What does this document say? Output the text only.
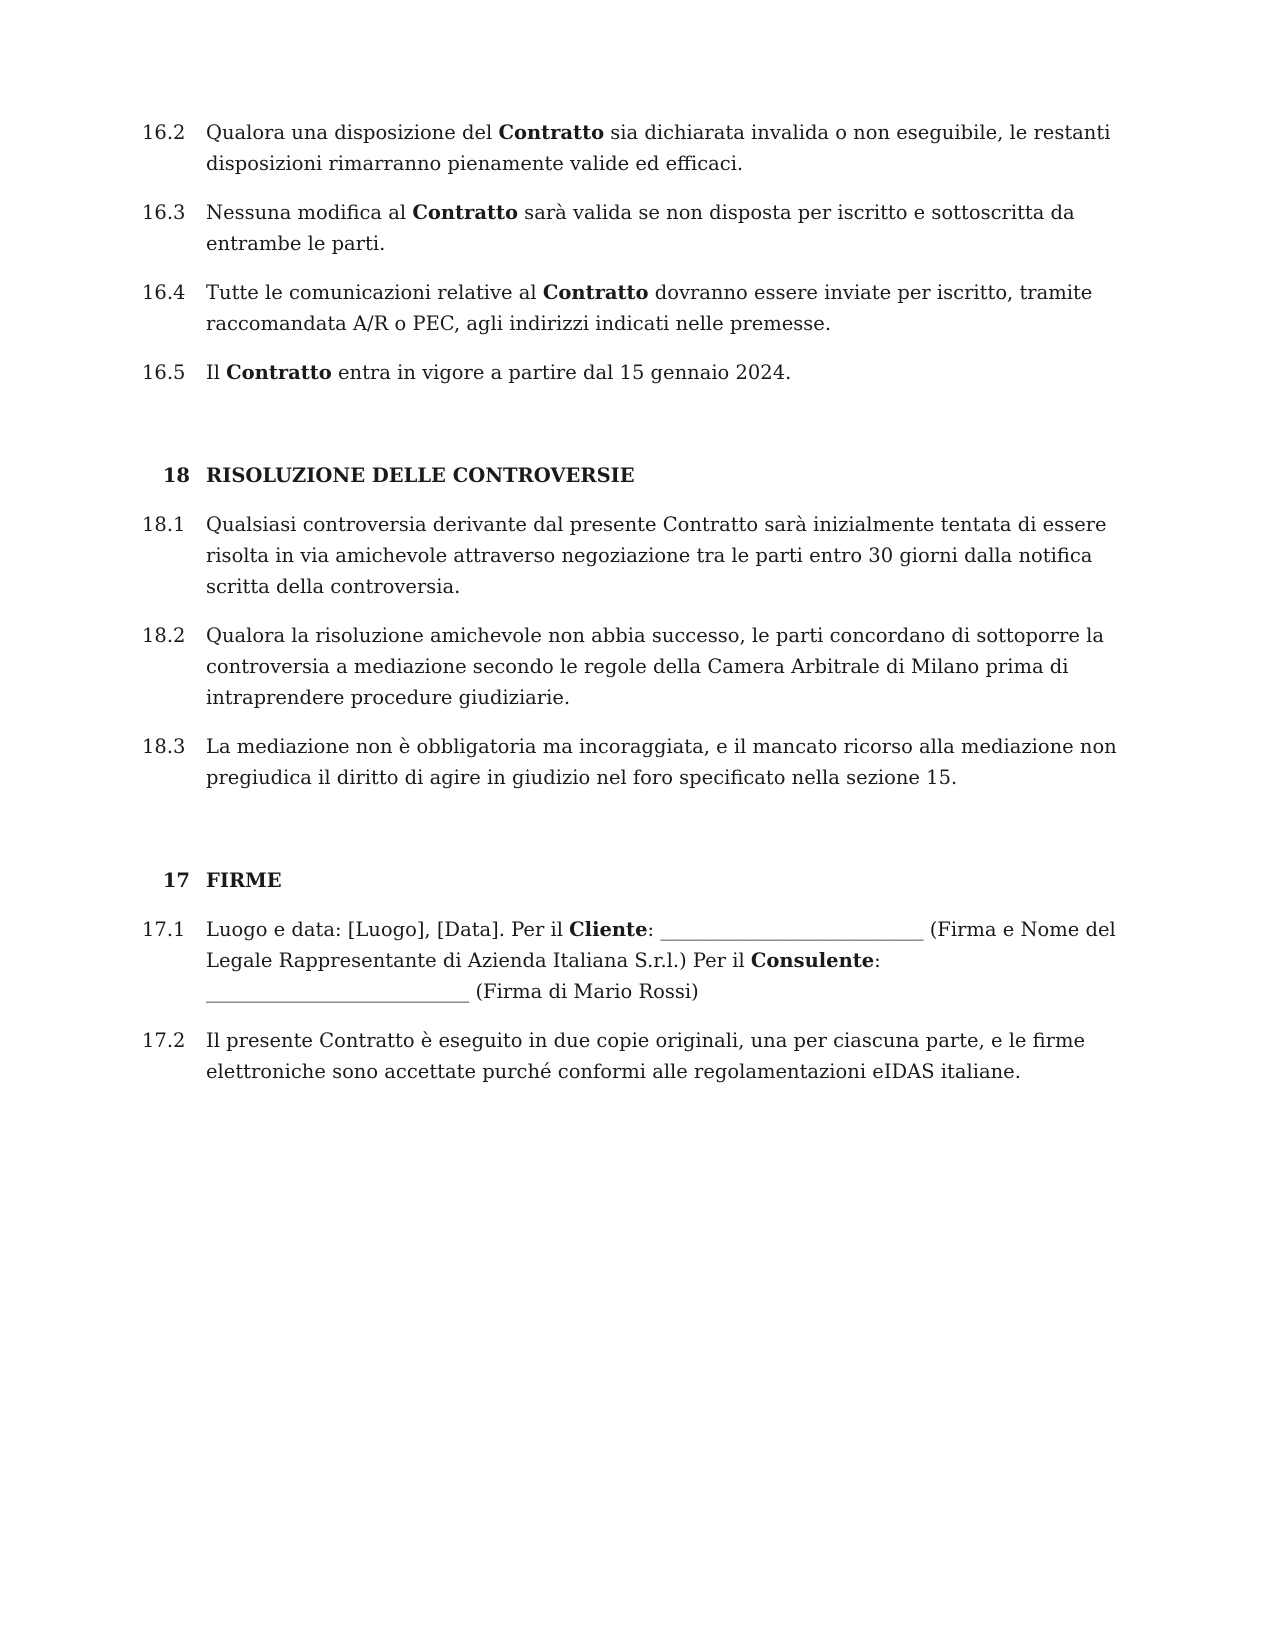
16.2	Qualora una disposizione del Contratto sia dichiarata invalida o non eseguibile, le restanti disposizioni rimarranno pienamente valide ed efficaci.
16.3	Nessuna modifica al Contratto sarà valida se non disposta per iscritto e sottoscritta da entrambe le parti.
16.4	Tutte le comunicazioni relative al Contratto dovranno essere inviate per iscritto, tramite raccomandata A/R o PEC, agli indirizzi indicati nelle premesse.
16.5	Il Contratto entra in vigore a partire dal 15 gennaio 2024.
18 RISOLUZIONE DELLE CONTROVERSIE
18.1	Qualsiasi controversia derivante dal presente Contratto sarà inizialmente tentata di essere risolta in via amichevole attraverso negoziazione tra le parti entro 30 giorni dalla notifica scritta della controversia.
18.2	Qualora la risoluzione amichevole non abbia successo, le parti concordano di sottoporre la controversia a mediazione secondo le regole della Camera Arbitrale di Milano prima di intraprendere procedure giudiziarie.
18.3	La mediazione non è obbligatoria ma incoraggiata, e il mancato ricorso alla mediazione non pregiudica il diritto di agire in giudizio nel foro specificato nella sezione 15.
17 FIRME
17.1	Luogo e data: [Luogo], [Data]. Per il Cliente: ___________________________ (Firma e Nome del Legale Rappresentante di Azienda Italiana S.r.l.) Per il Consulente: ___________________________ (Firma di Mario Rossi)
17.2	Il presente Contratto è eseguito in due copie originali, una per ciascuna parte, e le firme elettroniche sono accettate purché conformi alle regolamentazioni eIDAS italiane.
